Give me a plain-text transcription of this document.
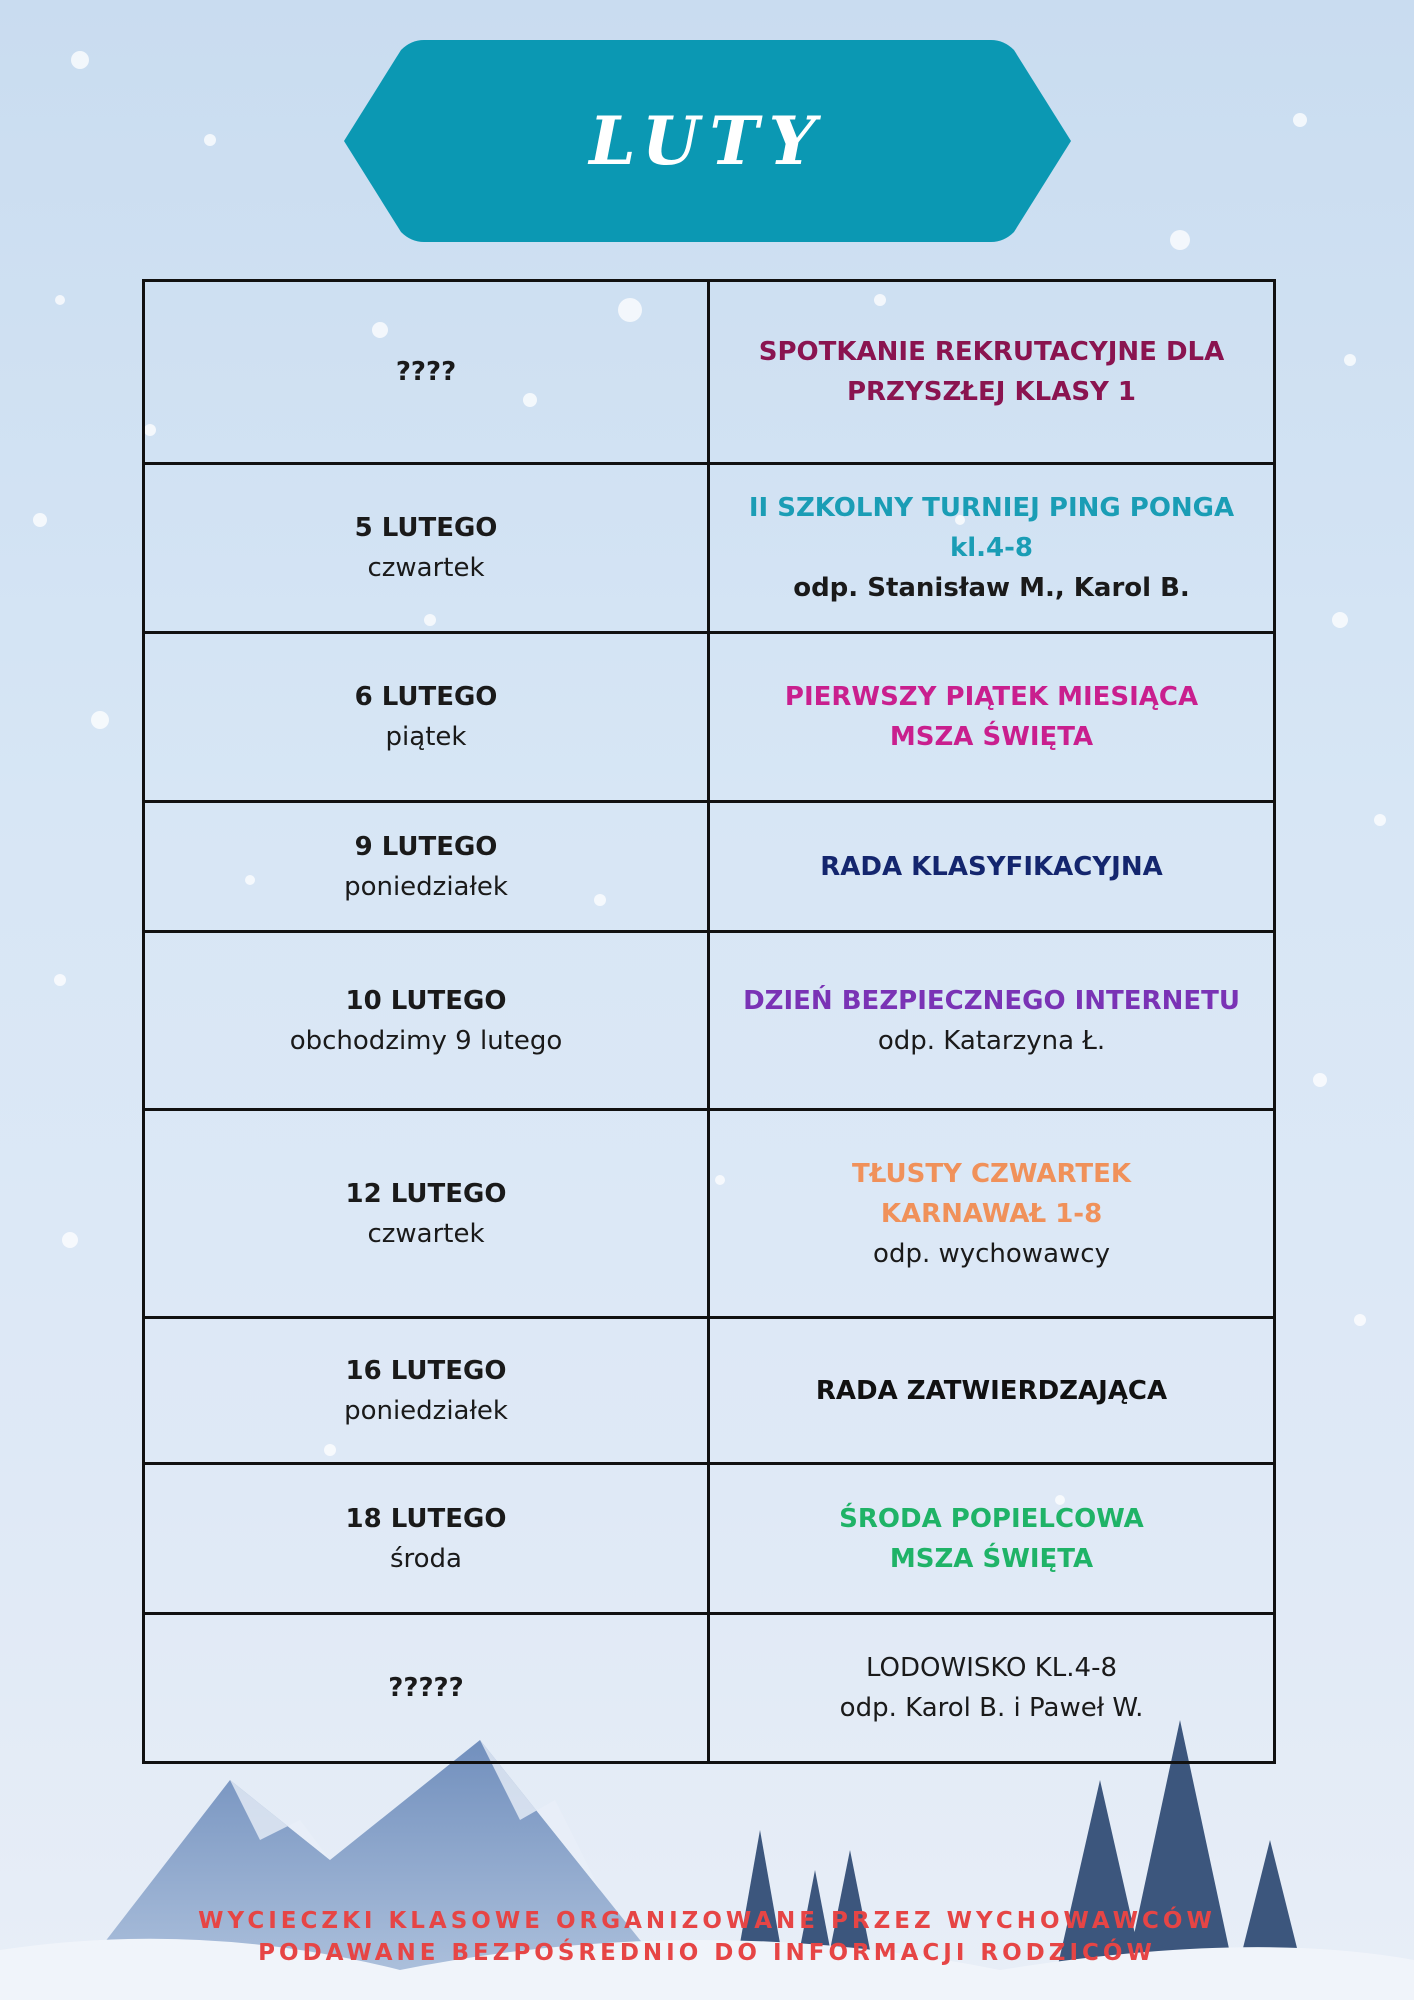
LUTY
????	SPOTKANIE REKRUTACYJNE DLA
PRZYSZŁEJ KLASY 1

5 LUTEGO
czwartek	II SZKOLNY TURNIEJ PING PONGA
kl.4-8
odp. Stanisław M., Karol B.

6 LUTEGO
piątek	PIERWSZY PIĄTEK MIESIĄCA
MSZA ŚWIĘTA

9 LUTEGO
poniedziałek	RADA KLASYFIKACYJNA

10 LUTEGO
obchodzimy 9 lutego	DZIEŃ BEZPIECZNEGO INTERNETU
odp. Katarzyna Ł.

12 LUTEGO
czwartek	TŁUSTY CZWARTEK
KARNAWAŁ 1-8
odp. wychowawcy

16 LUTEGO
poniedziałek	RADA ZATWIERDZAJĄCA

18 LUTEGO
środa	ŚRODA POPIELCOWA
MSZA ŚWIĘTA

?????	LODOWISKO KL.4-8
odp. Karol B. i Paweł W.
WYCIECZKI KLASOWE ORGANIZOWANE PRZEZ WYCHOWAWCÓW
PODAWANE BEZPOŚREDNIO DO INFORMACJI RODZICÓW
